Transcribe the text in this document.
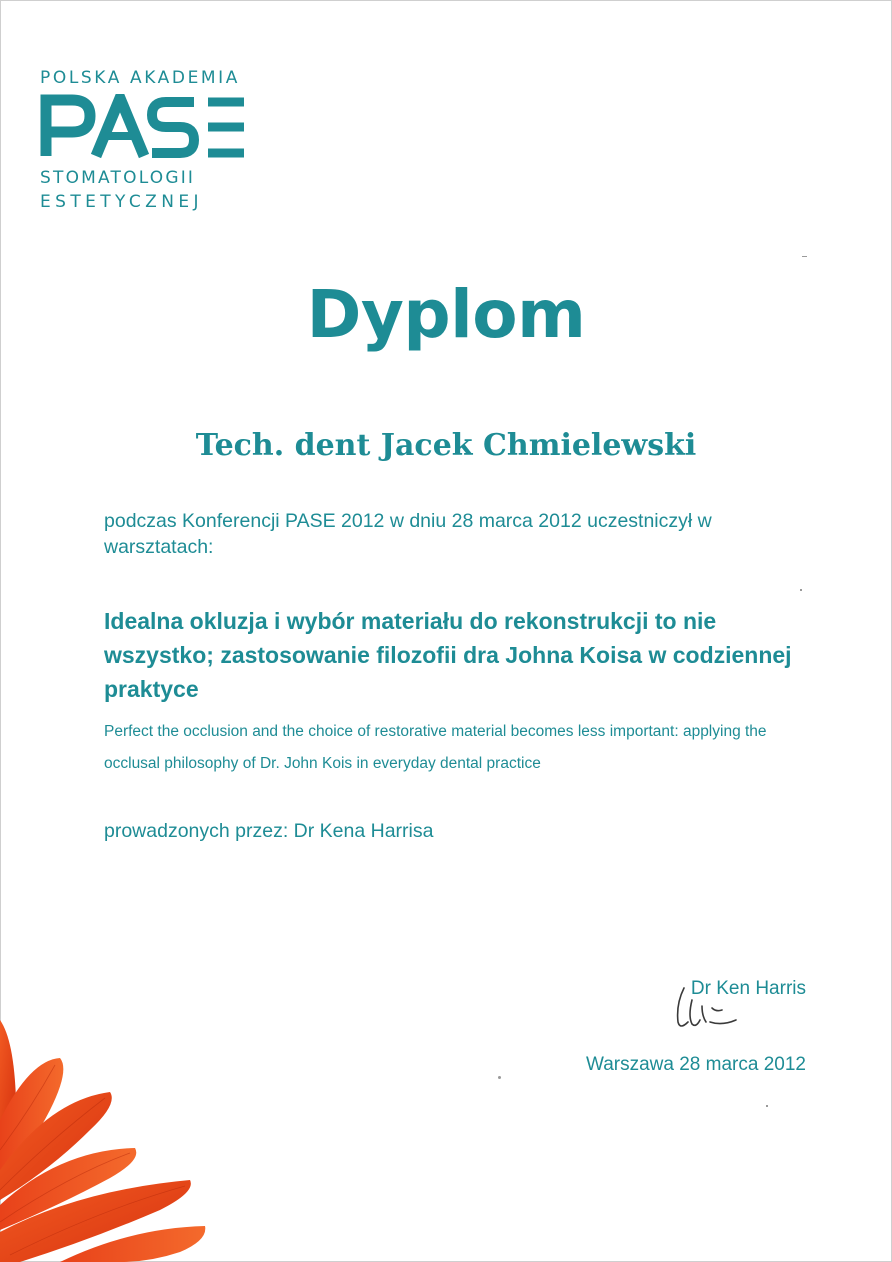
POLSKA AKADEMIA
STOMATOLOGII
ESTETYCZNEJ
Dyplom
Tech. dent Jacek Chmielewski
podczas Konferencji PASE 2012 w dniu 28 marca 2012 uczestniczył w warsztatach:
Idealna okluzja i wybór materiału do rekonstrukcji to nie wszystko; zastosowanie filozofii dra Johna Koisa w codziennej praktyce
Perfect the occlusion and the choice of restorative material becomes less important: applying the occlusal philosophy of Dr. John Kois in everyday dental practice
prowadzonych przez: Dr Kena Harrisa
Dr Ken Harris
Warszawa 28 marca 2012
